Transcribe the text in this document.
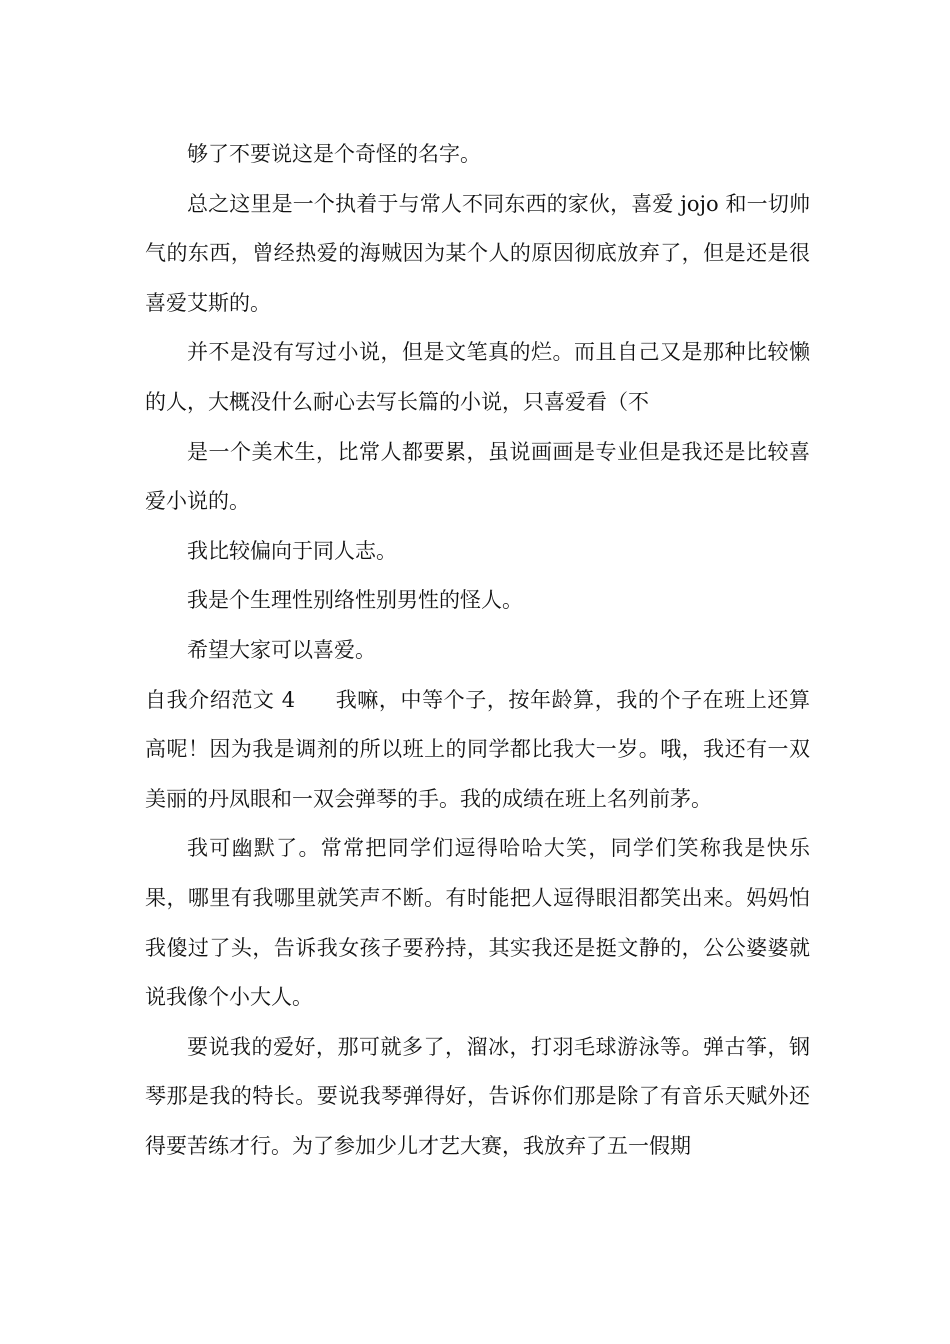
够了不要说这是个奇怪的名字。

总之这里是一个执着于与常人不同东西的家伙，喜爱 jojo 和一切帅气的东西，曾经热爱的海贼因为某个人的原因彻底放弃了，但是还是很喜爱艾斯的。

并不是没有写过小说，但是文笔真的烂。而且自己又是那种比较懒的人，大概没什么耐心去写长篇的小说，只喜爱看（不

是一个美术生，比常人都要累，虽说画画是专业但是我还是比较喜爱小说的。

我比较偏向于同人志。

我是个生理性别络性别男性的怪人。

希望大家可以喜爱。

自我介绍范文 4 我嘛，中等个子，按年龄算，我的个子在班上还算高呢！因为我是调剂的所以班上的同学都比我大一岁。哦，我还有一双美丽的丹凤眼和一双会弹琴的手。我的成绩在班上名列前茅。

我可幽默了。常常把同学们逗得哈哈大笑，同学们笑称我是快乐果，哪里有我哪里就笑声不断。有时能把人逗得眼泪都笑出来。妈妈怕我傻过了头，告诉我女孩子要矜持，其实我还是挺文静的，公公婆婆就说我像个小大人。

要说我的爱好，那可就多了，溜冰，打羽毛球游泳等。弹古筝，钢琴那是我的特长。要说我琴弹得好，告诉你们那是除了有音乐天赋外还得要苦练才行。为了参加少儿才艺大赛，我放弃了五一假期
